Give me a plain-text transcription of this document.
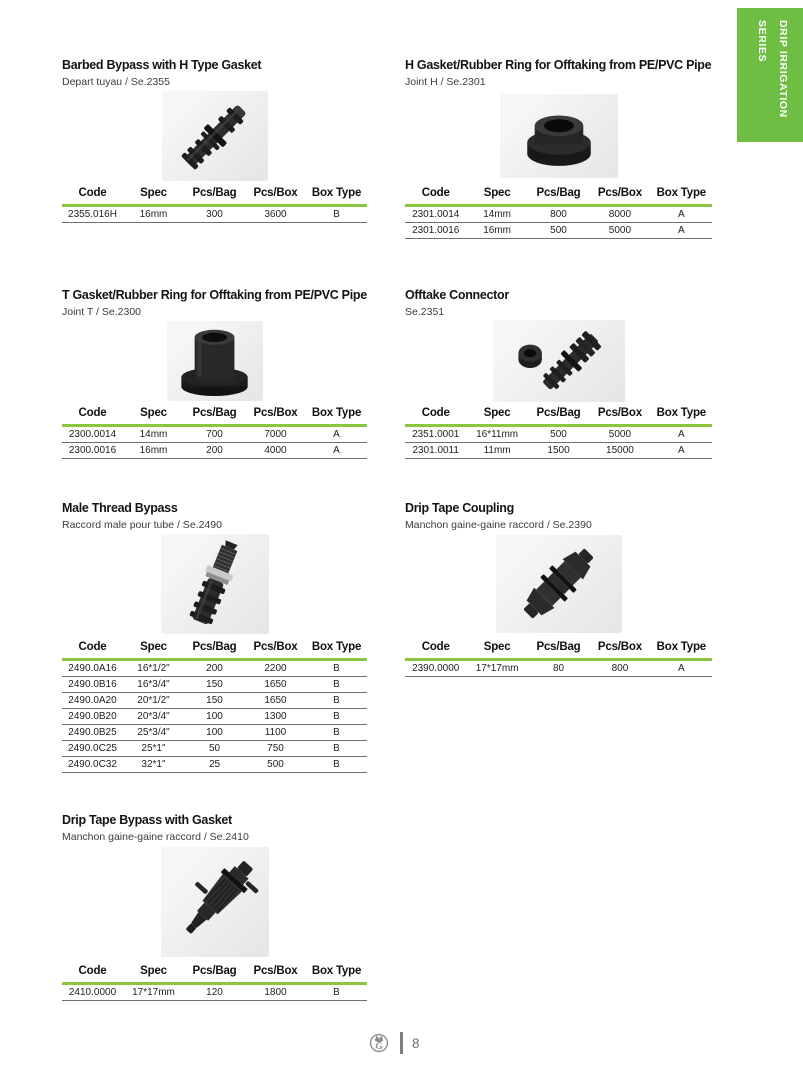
DRIP IRRIGATION
SERIES
Barbed Bypass with H Type Gasket
Depart tuyau / Se.2355
Code	Spec	Pcs/Bag	Pcs/Box	Box Type
2355.016H	16mm	300	3600	B
H Gasket/Rubber Ring for Offtaking from PE/PVC Pipe
Joint H / Se.2301
Code	Spec	Pcs/Bag	Pcs/Box	Box Type
2301.0014	14mm	800	8000	A
2301.0016	16mm	500	5000	A
T Gasket/Rubber Ring for Offtaking from PE/PVC Pipe
Joint T / Se.2300
Code	Spec	Pcs/Bag	Pcs/Box	Box Type
2300.0014	14mm	700	7000	A
2300.0016	16mm	200	4000	A
Offtake Connector
Se.2351
Code	Spec	Pcs/Bag	Pcs/Box	Box Type
2351.0001	16*11mm	500	5000	A
2301.0011	11mm	1500	15000	A
Male Thread Bypass
Raccord male pour tube / Se.2490
Code	Spec	Pcs/Bag	Pcs/Box	Box Type
2490.0A16	16*1/2"	200	2200	B
2490.0B16	16*3/4"	150	1650	B
2490.0A20	20*1/2"	150	1650	B
2490.0B20	20*3/4"	100	1300	B
2490.0B25	25*3/4"	100	1100	B
2490.0C25	25*1"	50	750	B
2490.0C32	32*1"	25	500	B
Drip Tape Coupling
Manchon gaine-gaine raccord / Se.2390
Code	Spec	Pcs/Bag	Pcs/Box	Box Type
2390.0000	17*17mm	80	800	A
Drip Tape Bypass with Gasket
Manchon gaine-gaine raccord / Se.2410
Code	Spec	Pcs/Bag	Pcs/Box	Box Type
2410.0000	17*17mm	120	1800	B
G 8
